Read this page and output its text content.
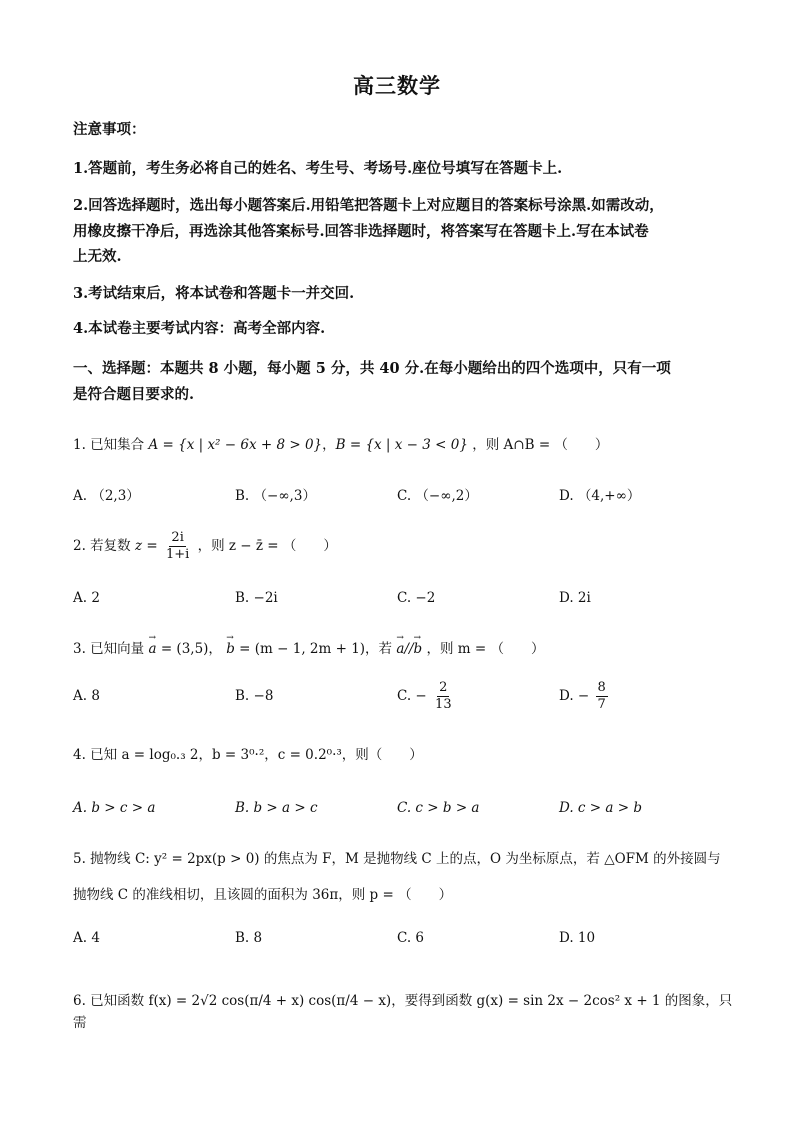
高三数学
注意事项：
1.答题前，考生务必将自己的姓名、考生号、考场号.座位号填写在答题卡上.
2.回答选择题时，选出每小题答案后.用铅笔把答题卡上对应题目的答案标号涂黑.如需改动，
用橡皮擦干净后，再选涂其他答案标号.回答非选择题时，将答案写在答题卡上.写在本试卷
上无效.
3.考试结束后，将本试卷和答题卡一并交回.
4.本试卷主要考试内容：高考全部内容.
一、选择题：本题共 8 小题，每小题 5 分，共 40 分.在每小题给出的四个选项中，只有一项
是符合题目要求的.
1. 已知集合 A = {x | x² − 6x + 8 > 0}，B = {x | x − 3 < 0} ，则 A∩B = （　　）
A. （2,3）	B. （−∞,3）	C. （−∞,2）	D. （4,+∞）
2. 若复数 $z = \frac{2i}{1+i}$ ，则 z − z̄ = （　　）
A. 2	B. −2i	C. −2	D. 2i
3. 已知向量 → a = (3,5)， → b = (m − 1, 2m + 1)，若 → a//→ b ，则 m = （　　）
A. 8	B. −8	C. − $\frac{2}{13}$	D. − $\frac{8}{7}$
4. 已知 a = log₀.₃ 2，b = 3⁰·²，c = 0.2⁰·³，则（　　）
A. b > c > a	B. b > a > c	C. c > b > a	D. c > a > b
5. 抛物线 C: y² = 2px(p > 0) 的焦点为 F，M 是抛物线 C 上的点，O 为坐标原点，若 △OFM 的外接圆与
抛物线 C 的准线相切，且该圆的面积为 36π，则 p = （　　）
A. 4	B. 8	C. 6	D. 10
6. 已知函数 f(x) = 2√2 cos(π/4 + x) cos(π/4 − x)，要得到函数 g(x) = sin 2x − 2cos² x + 1 的图象，只需
